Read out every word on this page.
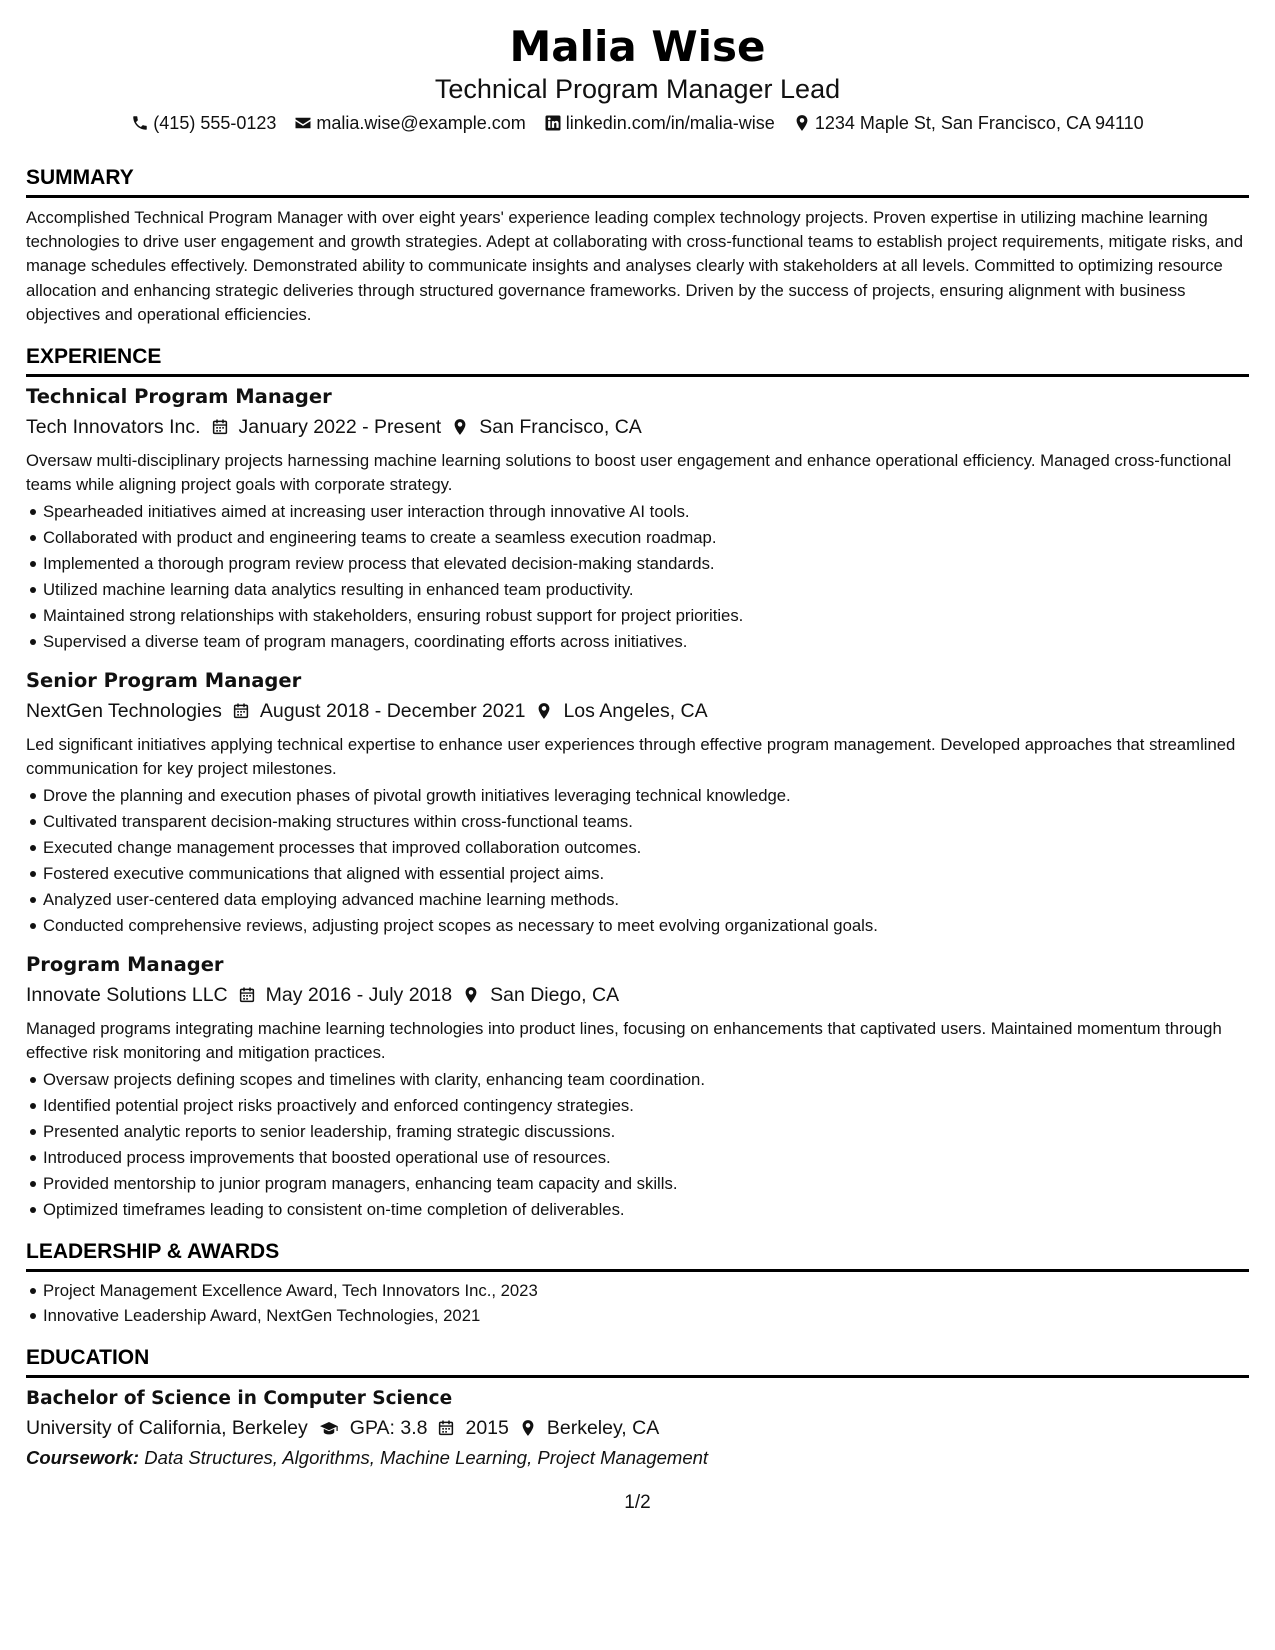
Malia Wise
Technical Program Manager Lead
(415) 555-0123 malia.wise@example.com linkedin.com/in/malia-wise 1234 Maple St, San Francisco, CA 94110
SUMMARY

Accomplished Technical Program Manager with over eight years' experience leading complex technology projects. Proven expertise in utilizing machine learning technologies to drive user engagement and growth strategies. Adept at collaborating with cross-functional teams to establish project requirements, mitigate risks, and manage schedules effectively. Demonstrated ability to communicate insights and analyses clearly with stakeholders at all levels. Committed to optimizing resource allocation and enhancing strategic deliveries through structured governance frameworks. Driven by the success of projects, ensuring alignment with business objectives and operational efficiencies.

EXPERIENCE
Technical Program Manager
Tech Innovators Inc. January 2022 - Present San Francisco, CA

Oversaw multi-disciplinary projects harnessing machine learning solutions to boost user engagement and enhance operational efficiency. Managed cross-functional teams while aligning project goals with corporate strategy.

Spearheaded initiatives aimed at increasing user interaction through innovative AI tools.
Collaborated with product and engineering teams to create a seamless execution roadmap.
Implemented a thorough program review process that elevated decision-making standards.
Utilized machine learning data analytics resulting in enhanced team productivity.
Maintained strong relationships with stakeholders, ensuring robust support for project priorities.
Supervised a diverse team of program managers, coordinating efforts across initiatives.
Senior Program Manager
NextGen Technologies August 2018 - December 2021 Los Angeles, CA

Led significant initiatives applying technical expertise to enhance user experiences through effective program management. Developed approaches that streamlined communication for key project milestones.

Drove the planning and execution phases of pivotal growth initiatives leveraging technical knowledge.
Cultivated transparent decision-making structures within cross-functional teams.
Executed change management processes that improved collaboration outcomes.
Fostered executive communications that aligned with essential project aims.
Analyzed user-centered data employing advanced machine learning methods.
Conducted comprehensive reviews, adjusting project scopes as necessary to meet evolving organizational goals.
Program Manager
Innovate Solutions LLC May 2016 - July 2018 San Diego, CA

Managed programs integrating machine learning technologies into product lines, focusing on enhancements that captivated users. Maintained momentum through effective risk monitoring and mitigation practices.

Oversaw projects defining scopes and timelines with clarity, enhancing team coordination.
Identified potential project risks proactively and enforced contingency strategies.
Presented analytic reports to senior leadership, framing strategic discussions.
Introduced process improvements that boosted operational use of resources.
Provided mentorship to junior program managers, enhancing team capacity and skills.
Optimized timeframes leading to consistent on-time completion of deliverables.
LEADERSHIP & AWARDS
Project Management Excellence Award, Tech Innovators Inc., 2023
Innovative Leadership Award, NextGen Technologies, 2021
EDUCATION
Bachelor of Science in Computer Science
University of California, Berkeley GPA: 3.8 2015 Berkeley, CA
Coursework: Data Structures, Algorithms, Machine Learning, Project Management
1/2
